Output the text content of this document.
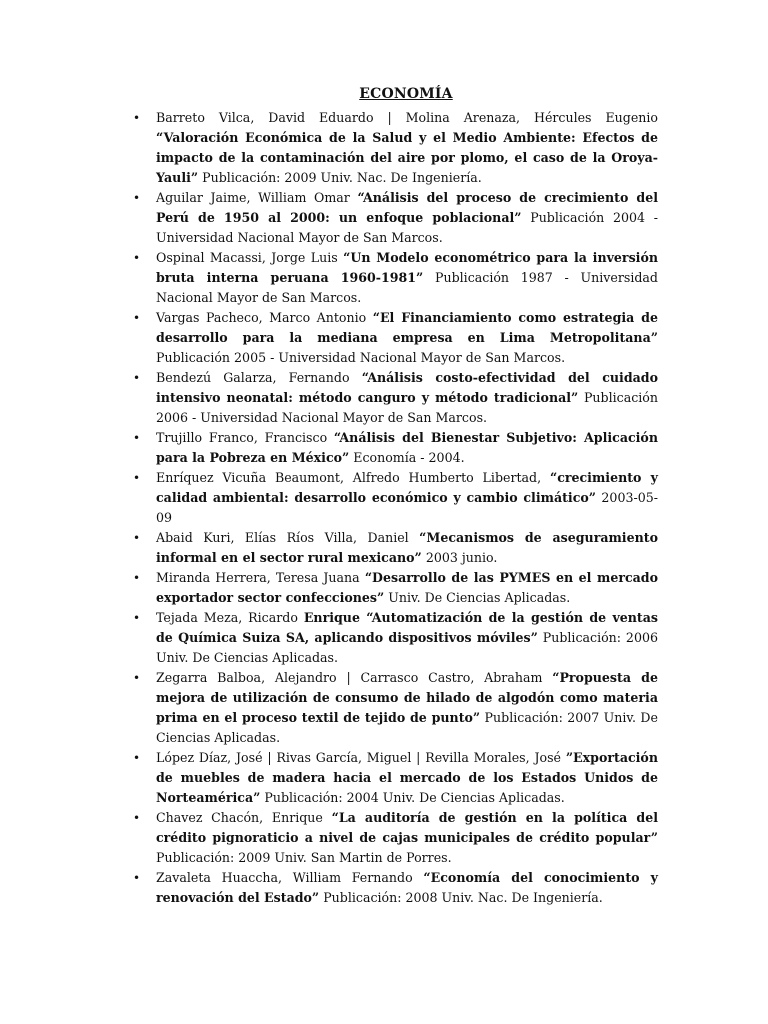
ECONOMÍA
• Barreto Vilca, David Eduardo | Molina Arenaza, Hércules Eugenio “Valoración Económica de la Salud y el Medio Ambiente: Efectos de impacto de la contaminación del aire por plomo, el caso de la Oroya-Yauli” Publicación: 2009 Univ. Nac. De Ingeniería.
• Aguilar Jaime, William Omar “Análisis del proceso de crecimiento del Perú de 1950 al 2000: un enfoque poblacional” Publicación 2004 - Universidad Nacional Mayor de San Marcos.
• Ospinal Macassi, Jorge Luis “Un Modelo econométrico para la inversión bruta interna peruana 1960-1981” Publicación 1987 - Universidad Nacional Mayor de San Marcos.
• Vargas Pacheco, Marco Antonio “El Financiamiento como estrategia de desarrollo para la mediana empresa en Lima Metropolitana” Publicación 2005 - Universidad Nacional Mayor de San Marcos.
• Bendezú Galarza, Fernando “Análisis costo-efectividad del cuidado intensivo neonatal: método canguro y método tradicional” Publicación 2006 - Universidad Nacional Mayor de San Marcos.
• Trujillo Franco, Francisco “Análisis del Bienestar Subjetivo: Aplicación para la Pobreza en México” Economía - 2004.
• Enríquez Vicuña Beaumont, Alfredo Humberto Libertad, “crecimiento y calidad ambiental: desarrollo económico y cambio climático” 2003-05-09
• Abaid Kuri, Elías Ríos Villa, Daniel “Mecanismos de aseguramiento informal en el sector rural mexicano” 2003 junio.
• Miranda Herrera, Teresa Juana “Desarrollo de las PYMES en el mercado exportador sector confecciones” Univ. De Ciencias Aplicadas.
• Tejada Meza, Ricardo Enrique “Automatización de la gestión de ventas de Química Suiza SA, aplicando dispositivos móviles” Publicación: 2006 Univ. De Ciencias Aplicadas.
• Zegarra Balboa, Alejandro | Carrasco Castro, Abraham “Propuesta de mejora de utilización de consumo de hilado de algodón como materia prima en el proceso textil de tejido de punto” Publicación: 2007 Univ. De Ciencias Aplicadas.
• López Díaz, José | Rivas García, Miguel | Revilla Morales, José ”Exportación de muebles de madera hacia el mercado de los Estados Unidos de Norteamérica” Publicación: 2004 Univ. De Ciencias Aplicadas.
• Chavez Chacón, Enrique “La auditoría de gestión en la política del crédito pignoraticio a nivel de cajas municipales de crédito popular” Publicación: 2009 Univ. San Martin de Porres.
• Zavaleta Huaccha, William Fernando “Economía del conocimiento y renovación del Estado” Publicación: 2008 Univ. Nac. De Ingeniería.
